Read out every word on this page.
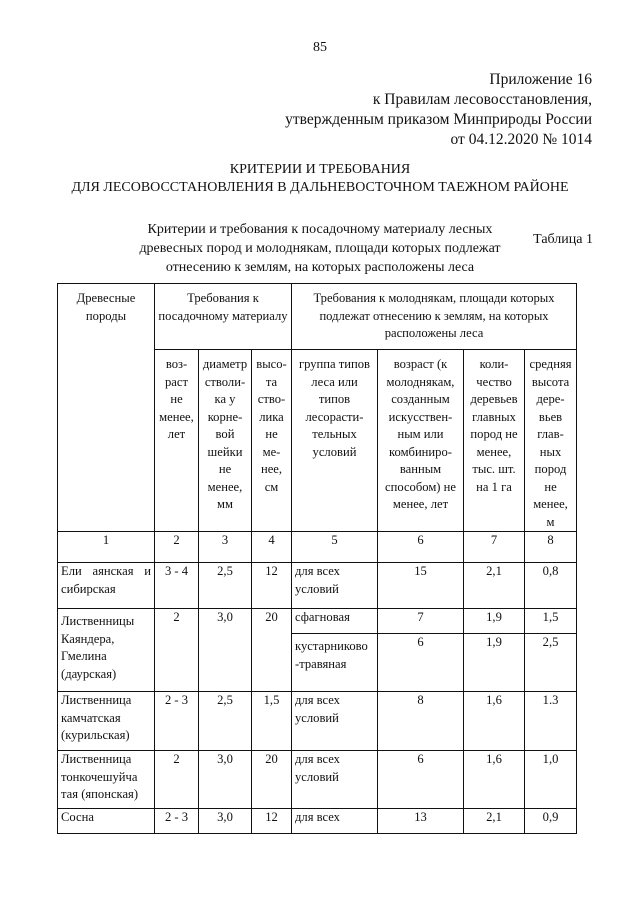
85
Приложение 16
к Правилам лесовосстановления,
утвержденным приказом Минприроды России
от 04.12.2020 № 1014
КРИТЕРИИ И ТРЕБОВАНИЯ
ДЛЯ ЛЕСОВОССТАНОВЛЕНИЯ В ДАЛЬНЕВОСТОЧНОМ ТАЕЖНОМ РАЙОНЕ
Таблица 1
Критерии и требования к посадочному материалу лесных
древесных пород и молоднякам, площади которых подлежат
отнесению к землям, на которых расположены леса
Древесные породы	Требования к посадочному материалу			Требования к молоднякам, площади которых подлежат отнесению к землям, на которых расположены леса			
	воз- раст не менее, лет	диаметр стволи- ка у корне- вой шейки не менее, мм	высо- та ство- лика не ме- нее, см	группа типов леса или типов лесорасти- тельных условий	возраст (к молоднякам, созданным искусствен- ным или комбиниро- ванным способом) не менее, лет	коли- чество деревьев главных пород не менее, тыс. шт. на 1 га	средняя высота дере- вьев глав- ных пород не менее, м
1	2	3	4	5	6	7	8
Ели аянская и сибирская	3 - 4	2,5	12	для всех условий	15	2,1	0,8
Лиственницы Каяндера, Гмелина (даурская)	2	3,0	20	сфагновая	7	1,9	1,5
				кустарниково -травяная	6	1,9	2,5
Лиственница камчатская (курильская)	2 - 3	2,5	1,5	для всех условий	8	1,6	1.3
Лиственница тонкочешуйча тая (японская)	2	3,0	20	для всех условий	6	1,6	1,0
Сосна	2 - 3	3,0	12	для всех	13	2,1	0,9
